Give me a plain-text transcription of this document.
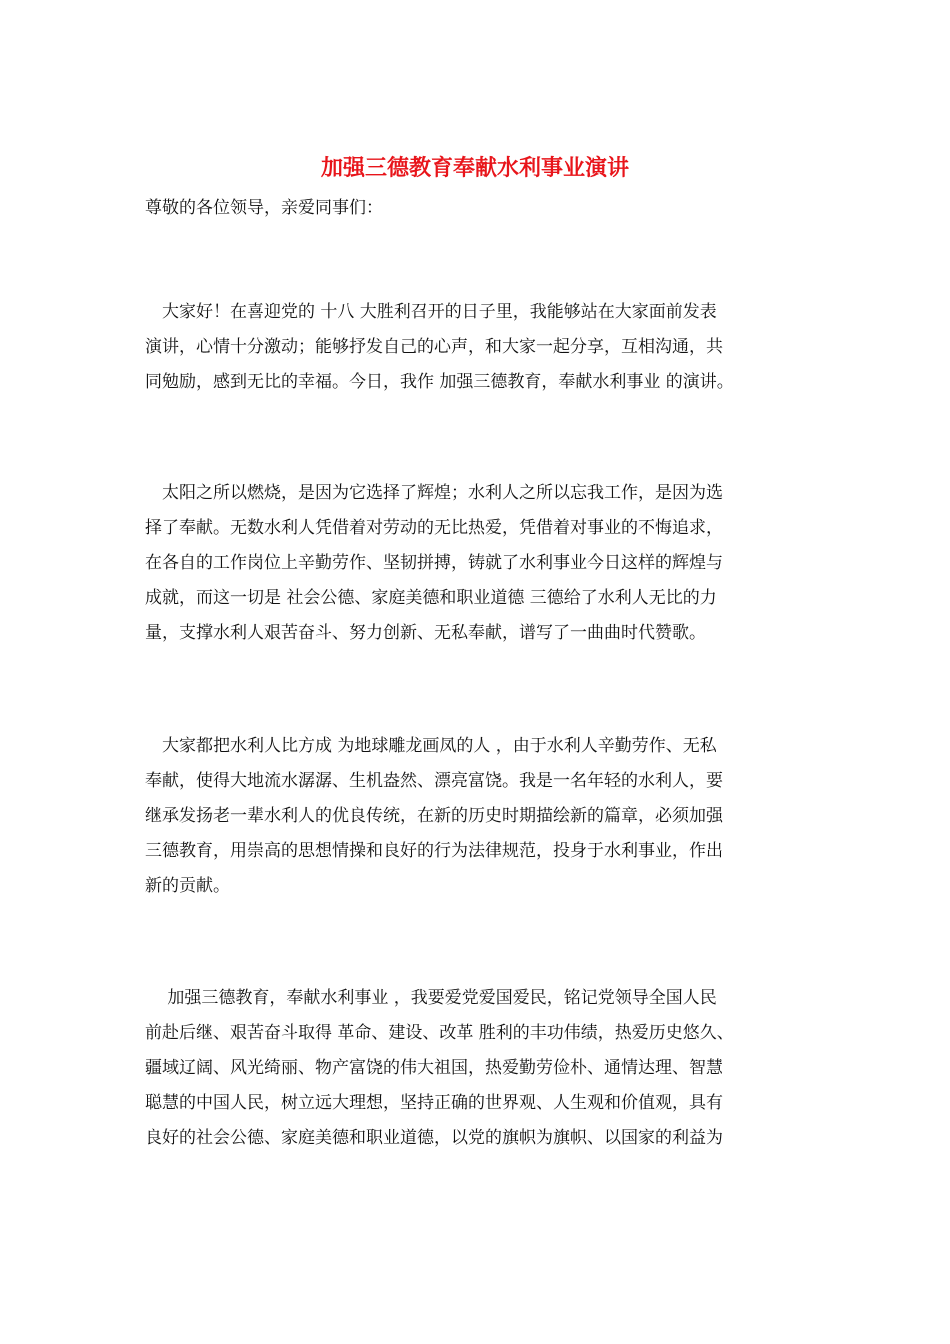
加强三德教育奉献水利事业演讲

尊敬的各位领导，亲爱同事们：

　大家好！在喜迎党的 十八 大胜利召开的日子里，我能够站在大家面前发表
演讲，心情十分激动；能够抒发自己的心声，和大家一起分享，互相沟通，共
同勉励，感到无比的幸福。今日，我作 加强三德教育，奉献水利事业 的演讲。

　太阳之所以燃烧，是因为它选择了辉煌；水利人之所以忘我工作，是因为选
择了奉献。无数水利人凭借着对劳动的无比热爱，凭借着对事业的不悔追求，
在各自的工作岗位上辛勤劳作、坚韧拼搏，铸就了水利事业今日这样的辉煌与
成就，而这一切是 社会公德、家庭美德和职业道德 三德给了水利人无比的力
量，支撑水利人艰苦奋斗、努力创新、无私奉献，谱写了一曲曲时代赞歌。

　大家都把水利人比方成 为地球雕龙画凤的人 ，由于水利人辛勤劳作、无私
奉献，使得大地流水潺潺、生机盎然、漂亮富饶。我是一名年轻的水利人，要
继承发扬老一辈水利人的优良传统，在新的历史时期描绘新的篇章，必须加强
三德教育，用崇高的思想情操和良好的行为法律规范，投身于水利事业，作出
新的贡献。

　 加强三德教育，奉献水利事业 ，我要爱党爱国爱民，铭记党领导全国人民
前赴后继、艰苦奋斗取得 革命、建设、改革 胜利的丰功伟绩，热爱历史悠久、
疆域辽阔、风光绮丽、物产富饶的伟大祖国，热爱勤劳俭朴、通情达理、智慧
聪慧的中国人民，树立远大理想，坚持正确的世界观、人生观和价值观，具有
良好的社会公德、家庭美德和职业道德，以党的旗帜为旗帜、以国家的利益为
